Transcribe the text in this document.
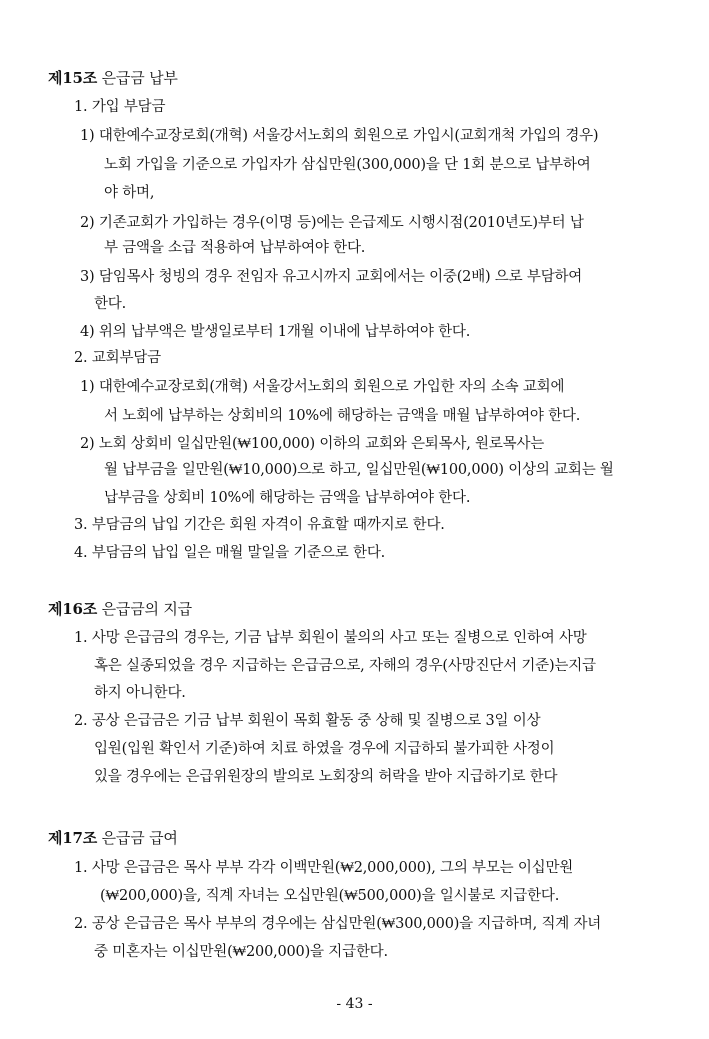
제15조 은급금 납부
1. 가입 부담금
1) 대한예수교장로회(개혁) 서울강서노회의 회원으로 가입시(교회개척 가입의 경우)
노회 가입을 기준으로 가입자가 삼십만원(300,000)을 단 1회 분으로 납부하여
야 하며,
2) 기존교회가 가입하는 경우(이명 등)에는 은급제도 시행시점(2010년도)부터 납
부 금액을 소급 적용하여 납부하여야 한다.
3) 담임목사 청빙의 경우 전임자 유고시까지 교회에서는 이중(2배) 으로 부담하여
한다.
4) 위의 납부액은 발생일로부터 1개월 이내에 납부하여야 한다.
2. 교회부담금
1) 대한예수교장로회(개혁) 서울강서노회의 회원으로 가입한 자의 소속 교회에
서 노회에 납부하는 상회비의 10%에 해당하는 금액을 매월 납부하여야 한다.
2) 노회 상회비 일십만원(₩100,000) 이하의 교회와 은퇴목사, 원로목사는
월 납부금을 일만원(₩10,000)으로 하고, 일십만원(₩100,000) 이상의 교회는 월
납부금을 상회비 10%에 해당하는 금액을 납부하여야 한다.
3. 부담금의 납입 기간은 회원 자격이 유효할 때까지로 한다.
4. 부담금의 납입 일은 매월 말일을 기준으로 한다.
제16조 은급금의 지급
1. 사망 은급금의 경우는, 기금 납부 회원이 불의의 사고 또는 질병으로 인하여 사망
혹은 실종되었을 경우 지급하는 은급금으로, 자해의 경우(사망진단서 기준)는지급
하지 아니한다.
2. 공상 은급금은 기금 납부 회원이 목회 활동 중 상해 및 질병으로 3일 이상
입원(입원 확인서 기준)하여 치료 하였을 경우에 지급하되 불가피한 사정이
있을 경우에는 은급위원장의 발의로 노회장의 허락을 받아 지급하기로 한다
제17조 은급금 급여
1. 사망 은급금은 목사 부부 각각 이백만원(₩2,000,000), 그의 부모는 이십만원
(₩200,000)을, 직계 자녀는 오십만원(₩500,000)을 일시불로 지급한다.
2. 공상 은급금은 목사 부부의 경우에는 삼십만원(₩300,000)을 지급하며, 직계 자녀
중 미혼자는 이십만원(₩200,000)을 지급한다.
- 43 -
